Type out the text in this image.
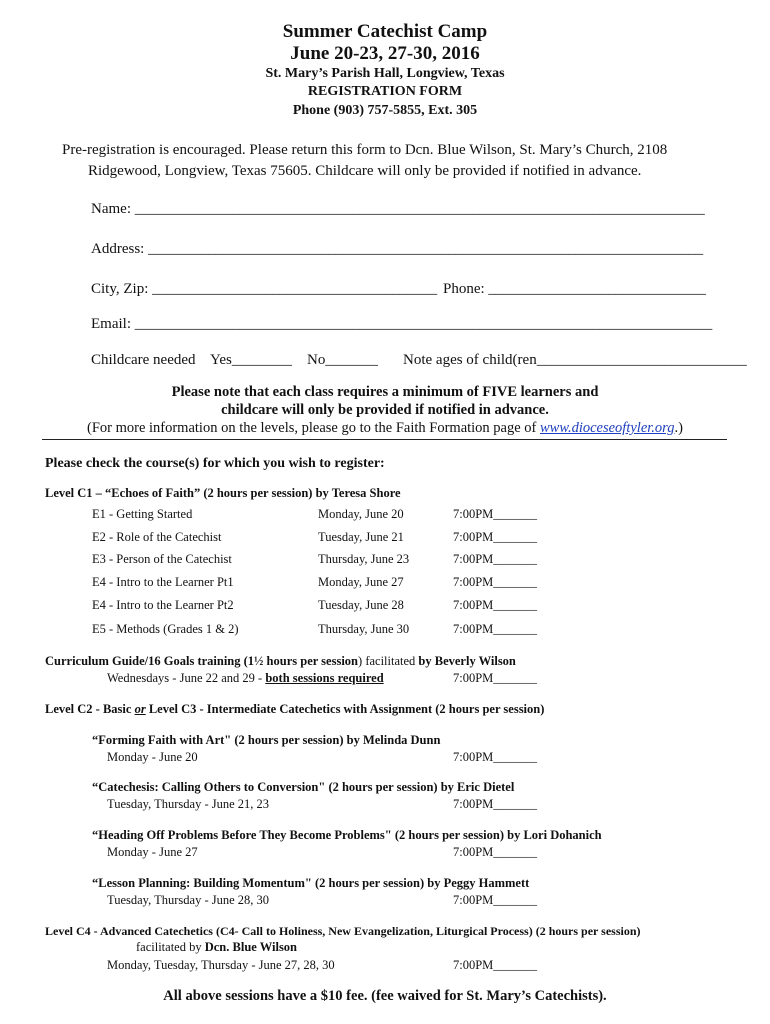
Summer Catechist Camp
June 20-23, 27-30, 2016
St. Mary’s Parish Hall, Longview, Texas
REGISTRATION FORM
Phone (903) 757-5855, Ext. 305
Pre-registration is encouraged. Please return this form to Dcn. Blue Wilson, St. Mary’s Church, 2108
Ridgewood, Longview, Texas 75605. Childcare will only be provided if notified in advance.
Name: ____________________________________________________________________________
Address: __________________________________________________________________________
City, Zip: ______________________________________ Phone: _____________________________
Email: _____________________________________________________________________________
Childcare needed Yes________ No_______ Note ages of child(ren____________________________
Please note that each class requires a minimum of FIVE learners and
childcare will only be provided if notified in advance.
(For more information on the levels, please go to the Faith Formation page of www.dioceseoftyler.org.)
Please check the course(s) for which you wish to register:
Level C1 – “Echoes of Faith” (2 hours per session) by Teresa Shore
E1 - Getting Started	Monday, June 20	7:00PM_______
E2 - Role of the Catechist	Tuesday, June 21	7:00PM_______
E3 - Person of the Catechist	Thursday, June 23	7:00PM_______
E4 - Intro to the Learner Pt1	Monday, June 27	7:00PM_______
E4 - Intro to the Learner Pt2	Tuesday, June 28	7:00PM_______
E5 - Methods (Grades 1 & 2)	Thursday, June 30	7:00PM_______
Curriculum Guide/16 Goals training (1½ hours per session) facilitated by Beverly Wilson
Wednesdays - June 22 and 29 - both sessions required	7:00PM_______
Level C2 - Basic or Level C3 - Intermediate Catechetics with Assignment (2 hours per session)
“Forming Faith with Art" (2 hours per session) by Melinda Dunn
Monday - June 20	7:00PM_______
“Catechesis: Calling Others to Conversion" (2 hours per session) by Eric Dietel
Tuesday, Thursday - June 21, 23	7:00PM_______
“Heading Off Problems Before They Become Problems" (2 hours per session) by Lori Dohanich
Monday - June 27	7:00PM_______
“Lesson Planning: Building Momentum" (2 hours per session) by Peggy Hammett
Tuesday, Thursday - June 28, 30	7:00PM_______
Level C4 - Advanced Catechetics (C4- Call to Holiness, New Evangelization, Liturgical Process) (2 hours per session)
facilitated by Dcn. Blue Wilson
Monday, Tuesday, Thursday - June 27, 28, 30	7:00PM_______
All above sessions have a $10 fee. (fee waived for St. Mary’s Catechists).
